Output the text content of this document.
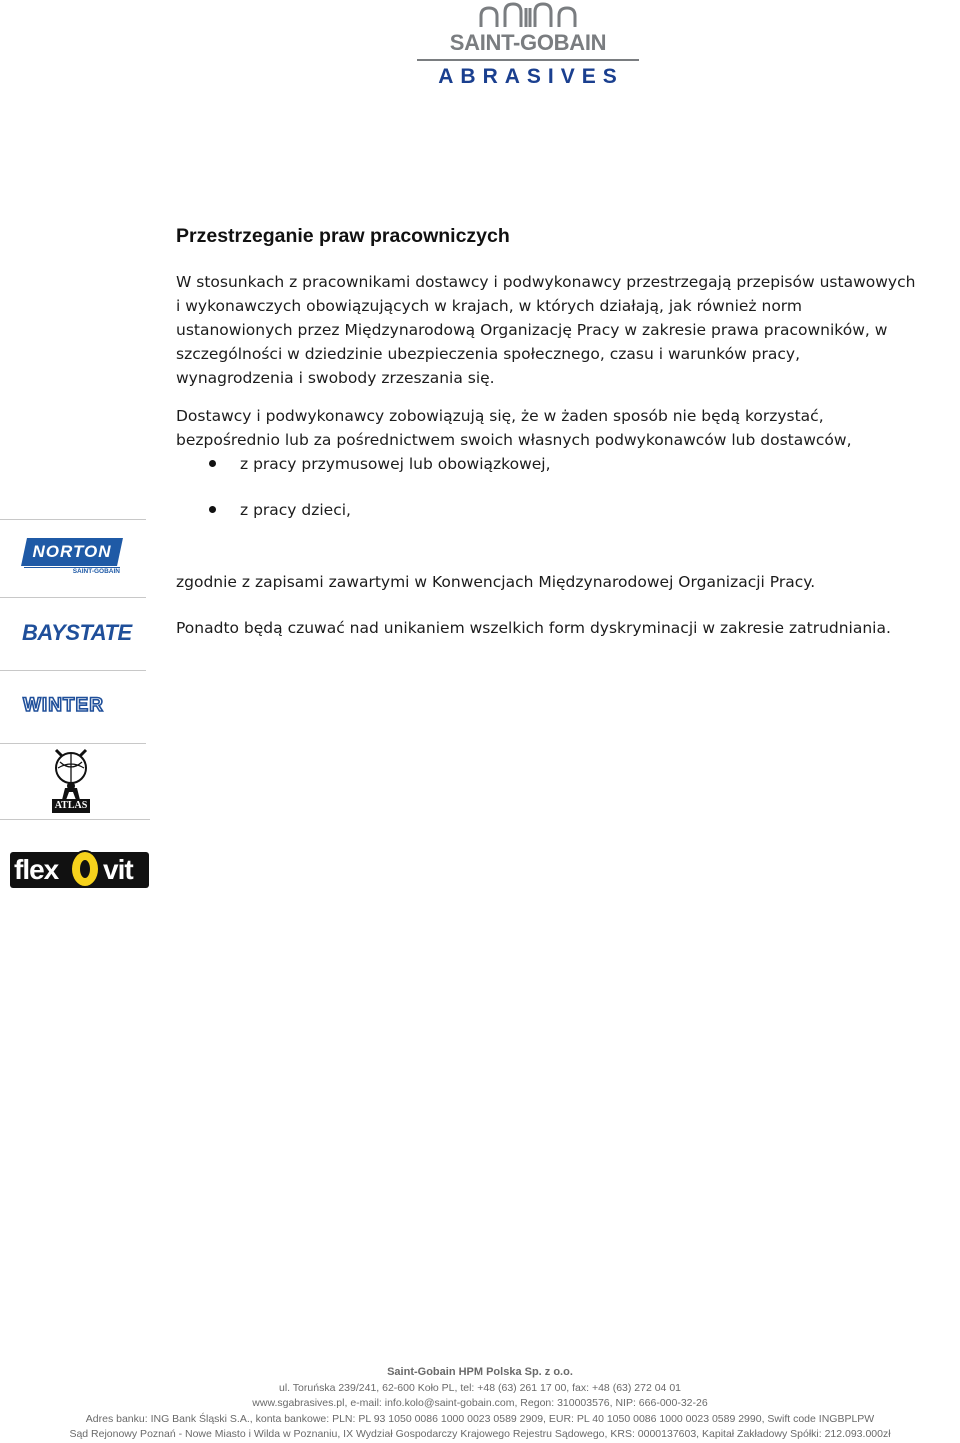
SAINT-GOBAIN
ABRASIVES
Przestrzeganie praw pracowniczych

W stosunkach z pracownikami dostawcy i podwykonawcy przestrzegają przepisów ustawowych i wykonawczych obowiązujących w krajach, w których działają, jak również norm ustanowionych przez Międzynarodową Organizację Pracy w zakresie prawa pracowników, w szczególności w dziedzinie ubezpieczenia społecznego, czasu i warunków pracy, wynagrodzenia i swobody zrzeszania się.

Dostawcy i podwykonawcy zobowiązują się, że w żaden sposób nie będą korzystać, bezpośrednio lub za pośrednictwem swoich własnych podwykonawców lub dostawców,

z pracy przymusowej lub obowiązkowej,
z pracy dzieci,

zgodnie z zapisami zawartymi w Konwencjach Międzynarodowej Organizacji Pracy.

Ponadto będą czuwać nad unikaniem wszelkich form dyskryminacji w zakresie zatrudniania.

NORTON
SAINT-GOBAIN
BAYSTATE
WINTER
ATLAS
flex vit
Saint-Gobain HPM Polska Sp. z o.o.
ul. Toruńska 239/241, 62-600 Koło PL, tel: +48 (63) 261 17 00, fax: +48 (63) 272 04 01
www.sgabrasives.pl, e-mail: info.kolo@saint-gobain.com, Regon: 310003576, NIP: 666-000-32-26
Adres banku: ING Bank Śląski S.A., konta bankowe: PLN: PL 93 1050 0086 1000 0023 0589 2909, EUR: PL 40 1050 0086 1000 0023 0589 2990, Swift code INGBPLPW
Sąd Rejonowy Poznań - Nowe Miasto i Wilda w Poznaniu, IX Wydział Gospodarczy Krajowego Rejestru Sądowego, KRS: 0000137603, Kapitał Zakładowy Spółki: 212.093.000zł
